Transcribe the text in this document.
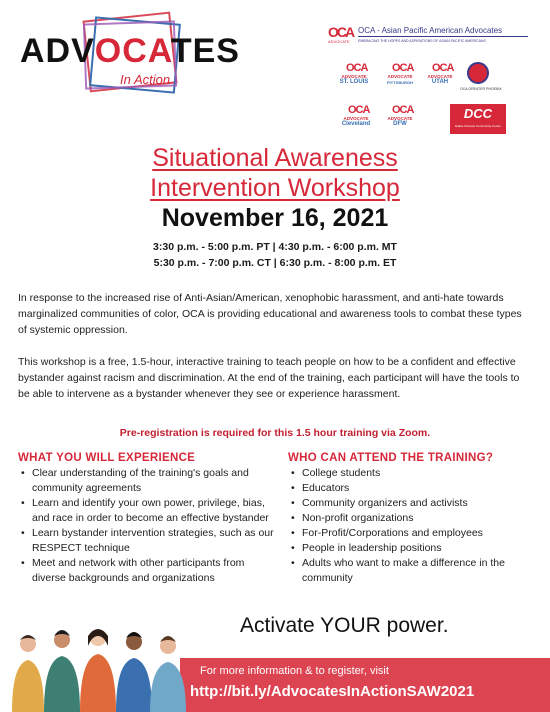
ADVOCATES
In Action
OCA
ADVOCATE
OCA - Asian Pacific American Advocates
EMBRACING THE HOPES AND ASPIRATIONS OF ASIAN PACIFIC AMERICANS
OCA
ADVOCATE
ST. LOUIS
OCA
ADVOCATE
PITTSBURGH
OCA
ADVOCATE
UTAH
OCA GREATER PHOENIX
OCA
ADVOCATE
Cleveland
OCA
ADVOCATE
DFW
DCC
Dallas Chinese Community Center
Situational Awareness
Intervention Workshop
November 16, 2021
3:30 p.m. - 5:00 p.m. PT | 4:30 p.m. - 6:00 p.m. MT
5:30 p.m. - 7:00 p.m. CT | 6:30 p.m. - 8:00 p.m. ET

In response to the increased rise of Anti-Asian/American, xenophobic harassment, and anti-hate towards marginalized communities of color, OCA is providing educational and awareness tools to combat these types of systemic oppression.

This workshop is a free, 1.5-hour, interactive training to teach people on how to be a confident and effective bystander against racism and discrimination. At the end of the training, each participant will have the tools to be able to intervene as a bystander whenever they see or experience harassment.

Pre-registration is required for this 1.5 hour training via Zoom.
WHAT YOU WILL EXPERIENCE
• Clear understanding of the training's goals and community agreements
• Learn and identify your own power, privilege, bias, and race in order to become an effective bystander
• Learn bystander intervention strategies, such as our RESPECT technique
• Meet and network with other participants from diverse backgrounds and organizations
WHO CAN ATTEND THE TRAINING?
• College students
• Educators
• Community organizers and activists
• Non-profit organizations
• For-Profit/Corporations and employees
• People in leadership positions
• Adults who want to make a difference in the community
Activate YOUR power.
For more information & to register, visit
http://bit.ly/AdvocatesInActionSAW2021
